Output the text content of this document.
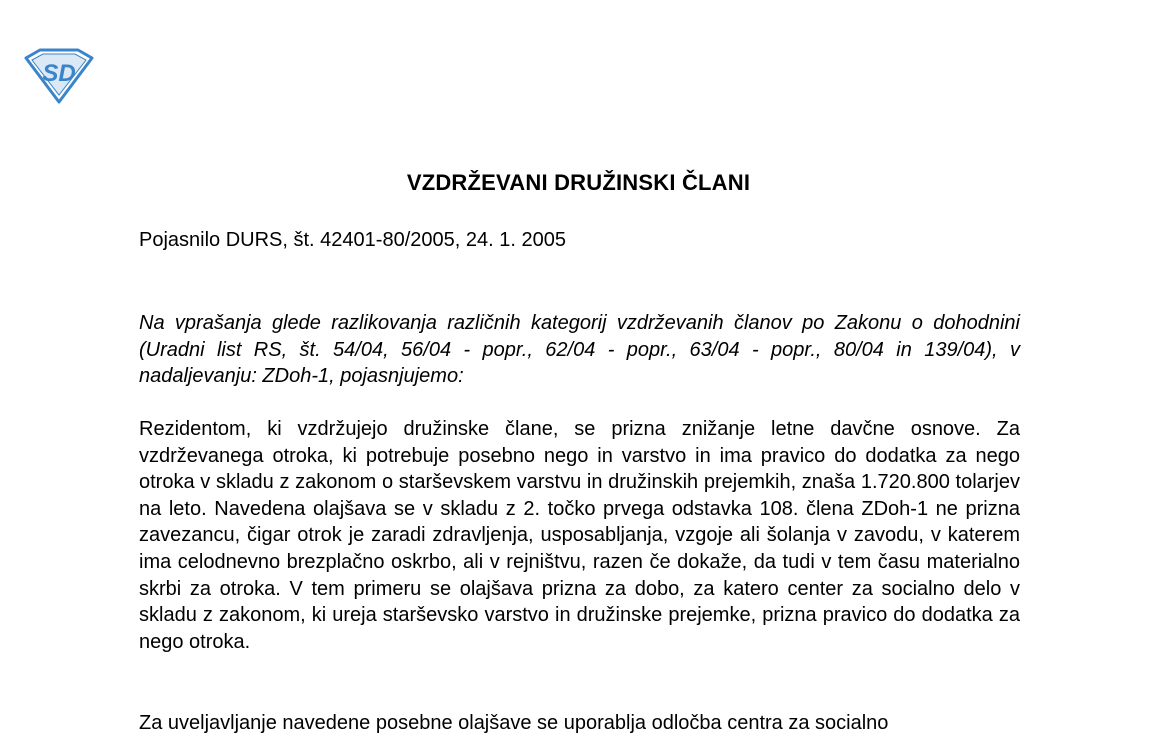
SD
VZDRŽEVANI DRUŽINSKI ČLANI

Pojasnilo DURS, št. 42401-80/2005, 24. 1. 2005

Na vprašanja glede razlikovanja različnih kategorij vzdrževanih članov po Zakonu o dohodnini (Uradni list RS, št. 54/04, 56/04 - popr., 62/04 - popr., 63/04 - popr., 80/04 in 139/04), v nadaljevanju: ZDoh-1, pojasnjujemo:

Rezidentom, ki vzdržujejo družinske člane, se prizna znižanje letne davčne osnove. Za vzdrževanega otroka, ki potrebuje posebno nego in varstvo in ima pravico do dodatka za nego otroka v skladu z zakonom o starševskem varstvu in družinskih prejemkih, znaša 1.720.800 tolarjev na leto. Navedena olajšava se v skladu z 2. točko prvega odstavka 108. člena ZDoh-1 ne prizna zavezancu, čigar otrok je zaradi zdravljenja, usposabljanja, vzgoje ali šolanja v zavodu, v katerem ima celodnevno brezplačno oskrbo, ali v rejništvu, razen če dokaže, da tudi v tem času materialno skrbi za otroka. V tem primeru se olajšava prizna za dobo, za katero center za socialno delo v skladu z zakonom, ki ureja starševsko varstvo in družinske prejemke, prizna pravico do dodatka za nego otroka.

Za uveljavljanje navedene posebne olajšave se uporablja odločba centra za socialno
